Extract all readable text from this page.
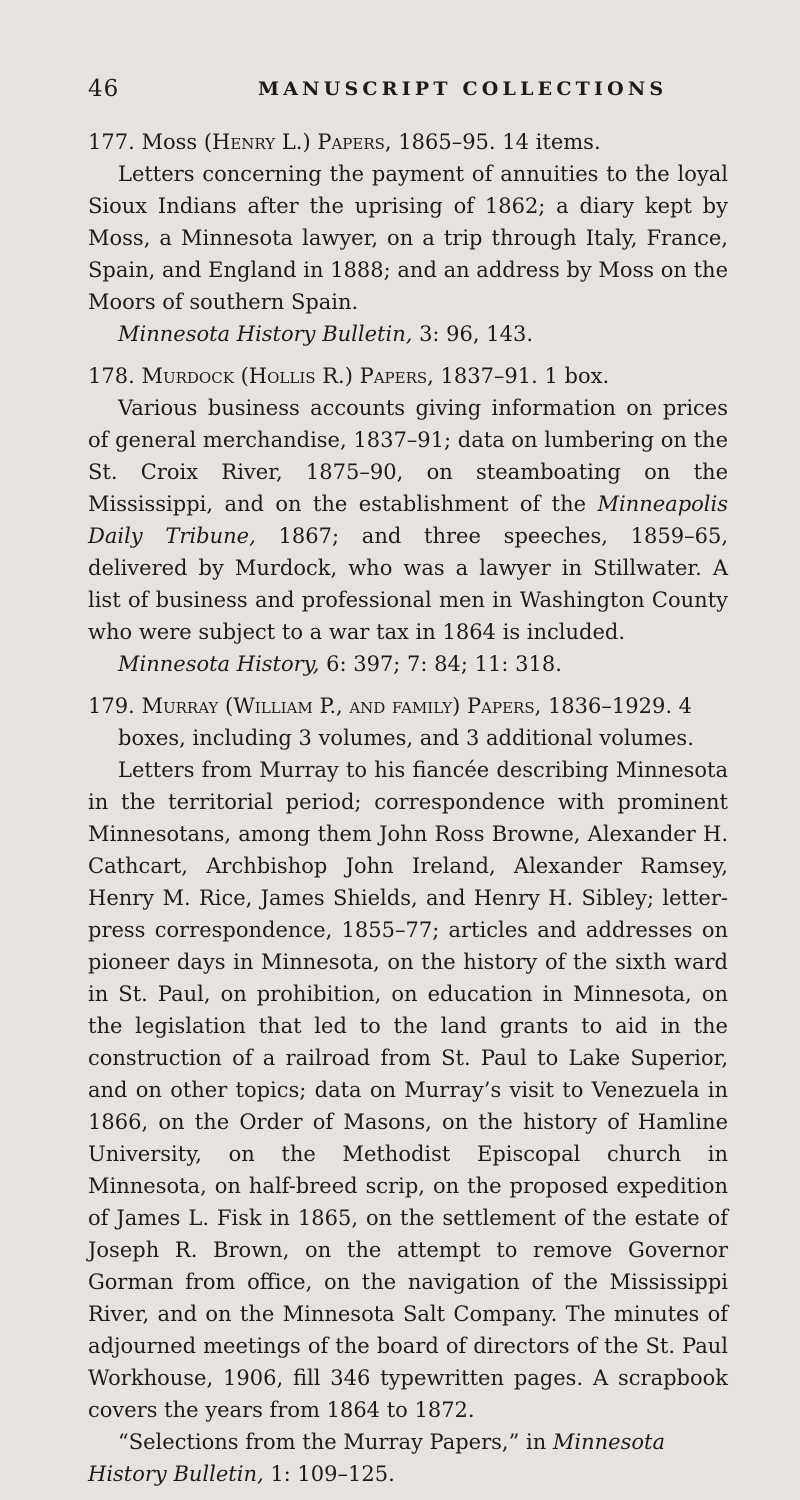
46	MANUSCRIPT COLLECTIONS

177. Moss (Henry L.) Papers, 1865–95. 14 items.

Letters concerning the payment of annuities to the loyal Sioux Indians after the uprising of 1862; a diary kept by Moss, a Minnesota lawyer, on a trip through Italy, France, Spain, and England in 1888; and an address by Moss on the Moors of southern Spain.

Minnesota History Bulletin, 3: 96, 143.

178. Murdock (Hollis R.) Papers, 1837–91. 1 box.

Various business accounts giving information on prices of general merchandise, 1837–91; data on lumbering on the St. Croix River, 1875–90, on steamboating on the Mississippi, and on the establishment of the Minneapolis Daily Tribune, 1867; and three speeches, 1859–65, delivered by Murdock, who was a lawyer in Stillwater. A list of business and professional men in Washington County who were subject to a war tax in 1864 is included.

Minnesota History, 6: 397; 7: 84; 11: 318.

179. Murray (William P., and family) Papers, 1836–1929. 4 boxes, including 3 volumes, and 3 additional volumes.

Letters from Murray to his fiancée describing Minnesota in the territorial period; correspondence with prominent Minnesotans, among them John Ross Browne, Alexander H. Cathcart, Archbishop John Ireland, Alexander Ramsey, Henry M. Rice, James Shields, and Henry H. Sibley; letter-press correspondence, 1855–77; articles and addresses on pioneer days in Minnesota, on the history of the sixth ward in St. Paul, on prohibition, on education in Minnesota, on the legislation that led to the land grants to aid in the construction of a railroad from St. Paul to Lake Superior, and on other topics; data on Murray’s visit to Venezuela in 1866, on the Order of Masons, on the history of Hamline University, on the Methodist Episcopal church in Minnesota, on half-breed scrip, on the proposed expedition of James L. Fisk in 1865, on the settlement of the estate of Joseph R. Brown, on the attempt to remove Governor Gorman from office, on the navigation of the Mississippi River, and on the Minnesota Salt Company. The minutes of adjourned meetings of the board of directors of the St. Paul Workhouse, 1906, fill 346 typewritten pages. A scrapbook covers the years from 1864 to 1872.

“Selections from the Murray Papers,” in Minnesota History Bulletin, 1: 109–125.
